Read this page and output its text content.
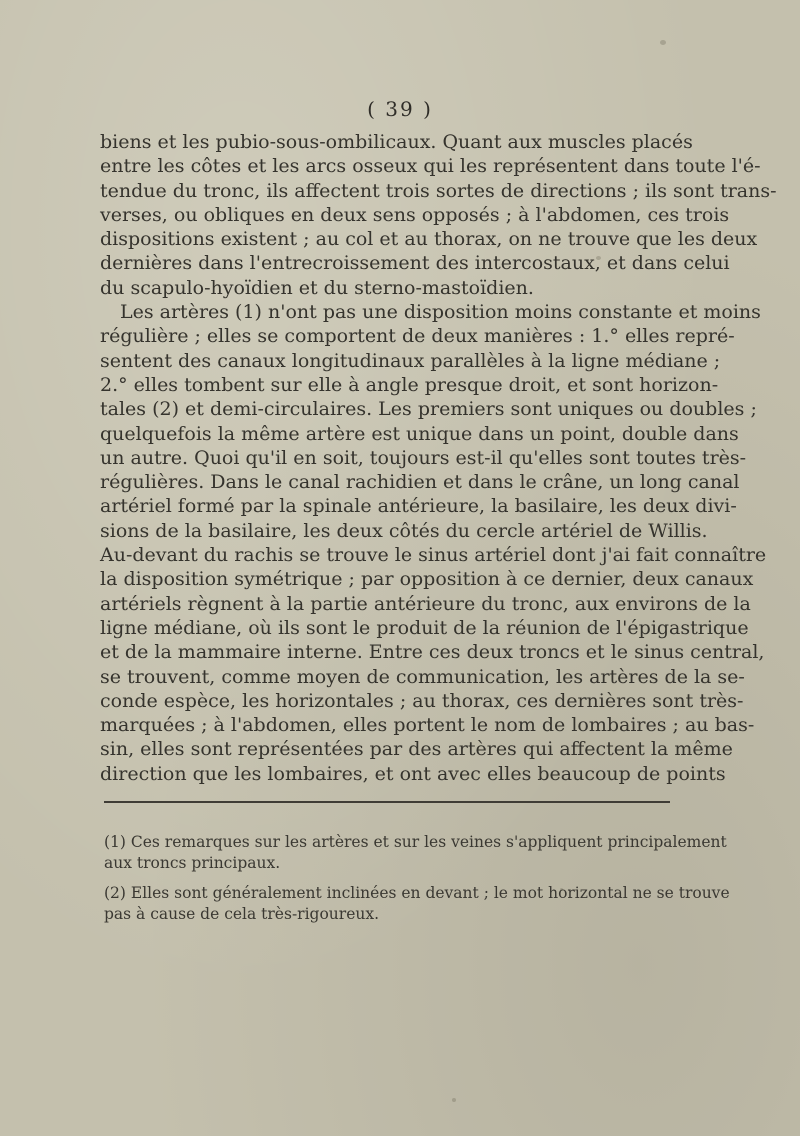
( 39 )
biens et les pubio-sous-ombilicaux. Quant aux muscles placés
entre les côtes et les arcs osseux qui les représentent dans toute l'é-
tendue du tronc, ils affectent trois sortes de directions ; ils sont trans-
verses, ou obliques en deux sens opposés ; à l'abdomen, ces trois
dispositions existent ; au col et au thorax, on ne trouve que les deux
dernières dans l'entrecroissement des intercostaux, et dans celui
du scapulo-hyoïdien et du sterno-mastoïdien.
Les artères (1) n'ont pas une disposition moins constante et moins
régulière ; elles se comportent de deux manières : 1.° elles repré-
sentent des canaux longitudinaux parallèles à la ligne médiane ;
2.° elles tombent sur elle à angle presque droit, et sont horizon-
tales (2) et demi-circulaires. Les premiers sont uniques ou doubles ;
quelquefois la même artère est unique dans un point, double dans
un autre. Quoi qu'il en soit, toujours est-il qu'elles sont toutes très-
régulières. Dans le canal rachidien et dans le crâne, un long canal
artériel formé par la spinale antérieure, la basilaire, les deux divi-
sions de la basilaire, les deux côtés du cercle artériel de Willis.
Au-devant du rachis se trouve le sinus artériel dont j'ai fait connaître
la disposition symétrique ; par opposition à ce dernier, deux canaux
artériels règnent à la partie antérieure du tronc, aux environs de la
ligne médiane, où ils sont le produit de la réunion de l'épigastrique
et de la mammaire interne. Entre ces deux troncs et le sinus central,
se trouvent, comme moyen de communication, les artères de la se-
conde espèce, les horizontales ; au thorax, ces dernières sont très-
marquées ; à l'abdomen, elles portent le nom de lombaires ; au bas-
sin, elles sont représentées par des artères qui affectent la même
direction que les lombaires, et ont avec elles beaucoup de points
(1) Ces remarques sur les artères et sur les veines s'appliquent principalement
aux troncs principaux.
(2) Elles sont généralement inclinées en devant ; le mot horizontal ne se trouve
pas à cause de cela très-rigoureux.
